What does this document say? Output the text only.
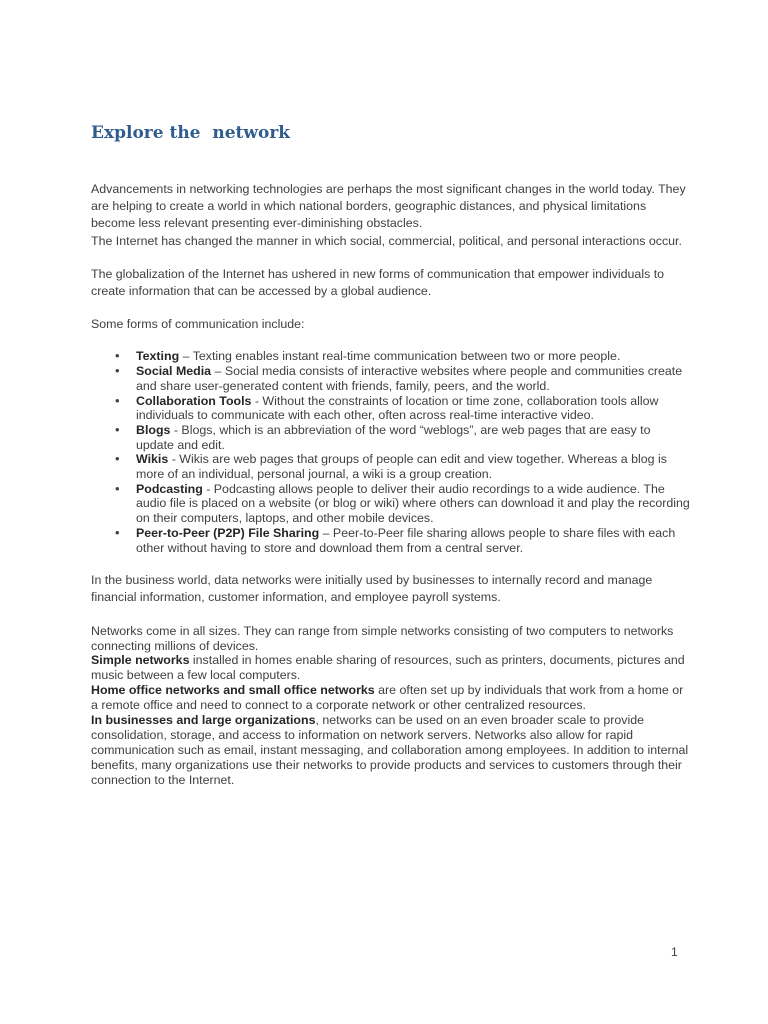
Explore the  network

Advancements in networking technologies are perhaps the most significant changes in the world today. They are helping to create a world in which national borders, geographic distances, and physical limitations become less relevant presenting ever-diminishing obstacles.

The Internet has changed the manner in which social, commercial, political, and personal interactions occur.

The globalization of the Internet has ushered in new forms of communication that empower individuals to create information that can be accessed by a global audience.

Some forms of communication include:

• Texting – Texting enables instant real-time communication between two or more people.
• Social Media – Social media consists of interactive websites where people and communities create and share user-generated content with friends, family, peers, and the world.
• Collaboration Tools - Without the constraints of location or time zone, collaboration tools allow individuals to communicate with each other, often across real-time interactive video.
• Blogs - Blogs, which is an abbreviation of the word “weblogs”, are web pages that are easy to update and edit.
• Wikis - Wikis are web pages that groups of people can edit and view together. Whereas a blog is more of an individual, personal journal, a wiki is a group creation.
• Podcasting - Podcasting allows people to deliver their audio recordings to a wide audience. The audio file is placed on a website (or blog or wiki) where others can download it and play the recording on their computers, laptops, and other mobile devices.
• Peer-to-Peer (P2P) File Sharing – Peer-to-Peer file sharing allows people to share files with each other without having to store and download them from a central server.

In the business world, data networks were initially used by businesses to internally record and manage financial information, customer information, and employee payroll systems.

Networks come in all sizes. They can range from simple networks consisting of two computers to networks connecting millions of devices.

Simple networks installed in homes enable sharing of resources, such as printers, documents, pictures and music between a few local computers.

Home office networks and small office networks are often set up by individuals that work from a home or a remote office and need to connect to a corporate network or other centralized resources.

In businesses and large organizations, networks can be used on an even broader scale to provide consolidation, storage, and access to information on network servers. Networks also allow for rapid communication such as email, instant messaging, and collaboration among employees. In addition to internal benefits, many organizations use their networks to provide products and services to customers through their connection to the Internet.

1
